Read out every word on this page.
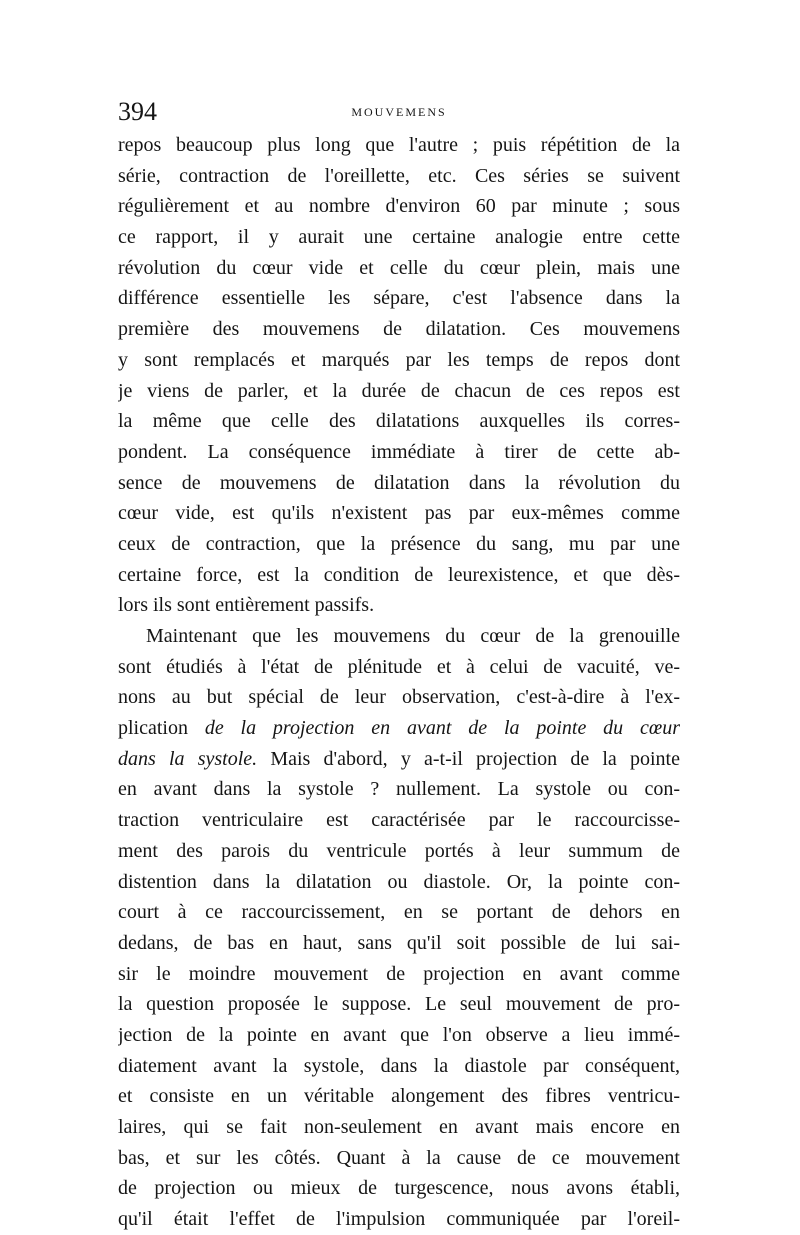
394	MOUVEMENS
repos beaucoup plus long que l'autre ; puis répétition de la
série, contraction de l'oreillette, etc. Ces séries se suivent
régulièrement et au nombre d'environ 60 par minute ; sous
ce rapport, il y aurait une certaine analogie entre cette
révolution du cœur vide et celle du cœur plein, mais une
différence essentielle les sépare, c'est l'absence dans la
première des mouvemens de dilatation. Ces mouvemens
y sont remplacés et marqués par les temps de repos dont
je viens de parler, et la durée de chacun de ces repos est
la même que celle des dilatations auxquelles ils corres-
pondent. La conséquence immédiate à tirer de cette ab-
sence de mouvemens de dilatation dans la révolution du
cœur vide, est qu'ils n'existent pas par eux-mêmes comme
ceux de contraction, que la présence du sang, mu par une
certaine force, est la condition de leurexistence, et que dès-
lors ils sont entièrement passifs.
Maintenant que les mouvemens du cœur de la grenouille
sont étudiés à l'état de plénitude et à celui de vacuité, ve-
nons au but spécial de leur observation, c'est-à-dire à l'ex-
plication de la projection en avant de la pointe du cœur
dans la systole. Mais d'abord, y a-t-il projection de la pointe
en avant dans la systole ? nullement. La systole ou con-
traction ventriculaire est caractérisée par le raccourcisse-
ment des parois du ventricule portés à leur summum de
distention dans la dilatation ou diastole. Or, la pointe con-
court à ce raccourcissement, en se portant de dehors en
dedans, de bas en haut, sans qu'il soit possible de lui sai-
sir le moindre mouvement de projection en avant comme
la question proposée le suppose. Le seul mouvement de pro-
jection de la pointe en avant que l'on observe a lieu immé-
diatement avant la systole, dans la diastole par conséquent,
et consiste en un véritable alongement des fibres ventricu-
laires, qui se fait non-seulement en avant mais encore en
bas, et sur les côtés. Quant à la cause de ce mouvement
de projection ou mieux de turgescence, nous avons établi,
qu'il était l'effet de l'impulsion communiquée par l'oreil-
